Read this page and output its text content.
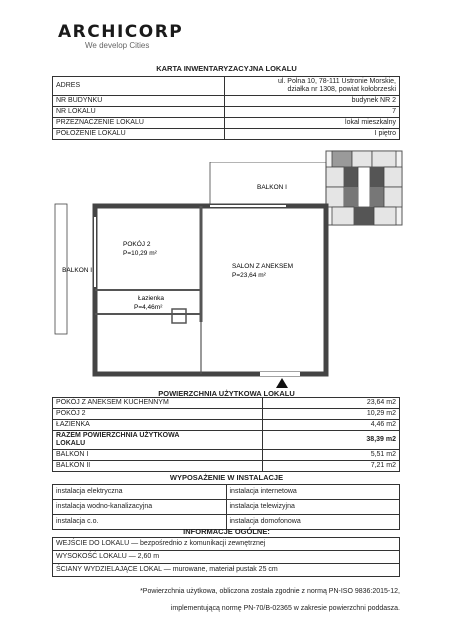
ARCHICORP
We develop Cities
KARTA INWENTARYZACYJNA LOKALU
ADRES	ul. Polna 10, 78-111 Ustronie Morskie,
działka nr 1308, powiat kołobrzeski

NR BUDYNKU	budynek NR 2
NR LOKALU	7
PRZEZNACZENIE LOKALU	lokal mieszkalny
POŁOŻENIE LOKALU	I piętro
BALKON I
BALKON II
POKÓJ 2
P=10,29 m²
SALON Z ANEKSEM
P=23,64 m²
Łazienka
P=4,46m²
POWIERZCHNIA UŻYTKOWA LOKALU
POKÓJ Z ANEKSEM KUCHENNYM	23,64 m2
POKÓJ 2	10,29 m2
ŁAZIENKA	4,46 m2

RAZEM POWIERZCHNIA UŻYTKOWA
LOKALU	38,39 m2
BALKON I	5,51 m2
BALKON II	7,21 m2
WYPOSAŻENIE W INSTALACJE
instalacja elektryczna	instalacja internetowa
instalacja wodno-kanalizacyjna	instalacja telewizyjna
instalacja c.o.	instalacja domofonowa
INFORMACJE OGÓLNE:
WEJŚCIE DO LOKALU — bezpośrednio z komunikacji zewnętrznej
WYSOKOŚĆ LOKALU — 2,60 m
ŚCIANY WYDZIELAJĄCE LOKAL — murowane, materiał pustak 25 cm
*Powierzchnia użytkowa, obliczona została zgodnie z normą PN-ISO 9836:2015-12,
implementującą normę PN-70/B-02365 w zakresie powierzchni poddasza.
